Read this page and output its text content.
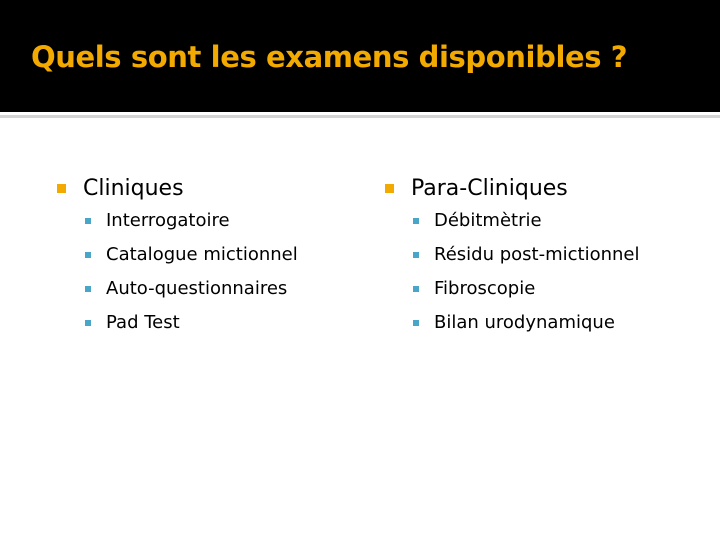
Quels sont les examens disponibles ?
Cliniques
Interrogatoire
Catalogue mictionnel
Auto-questionnaires
Pad Test
Para-Cliniques
Débitmètrie
Résidu post-mictionnel
Fibroscopie
Bilan urodynamique
